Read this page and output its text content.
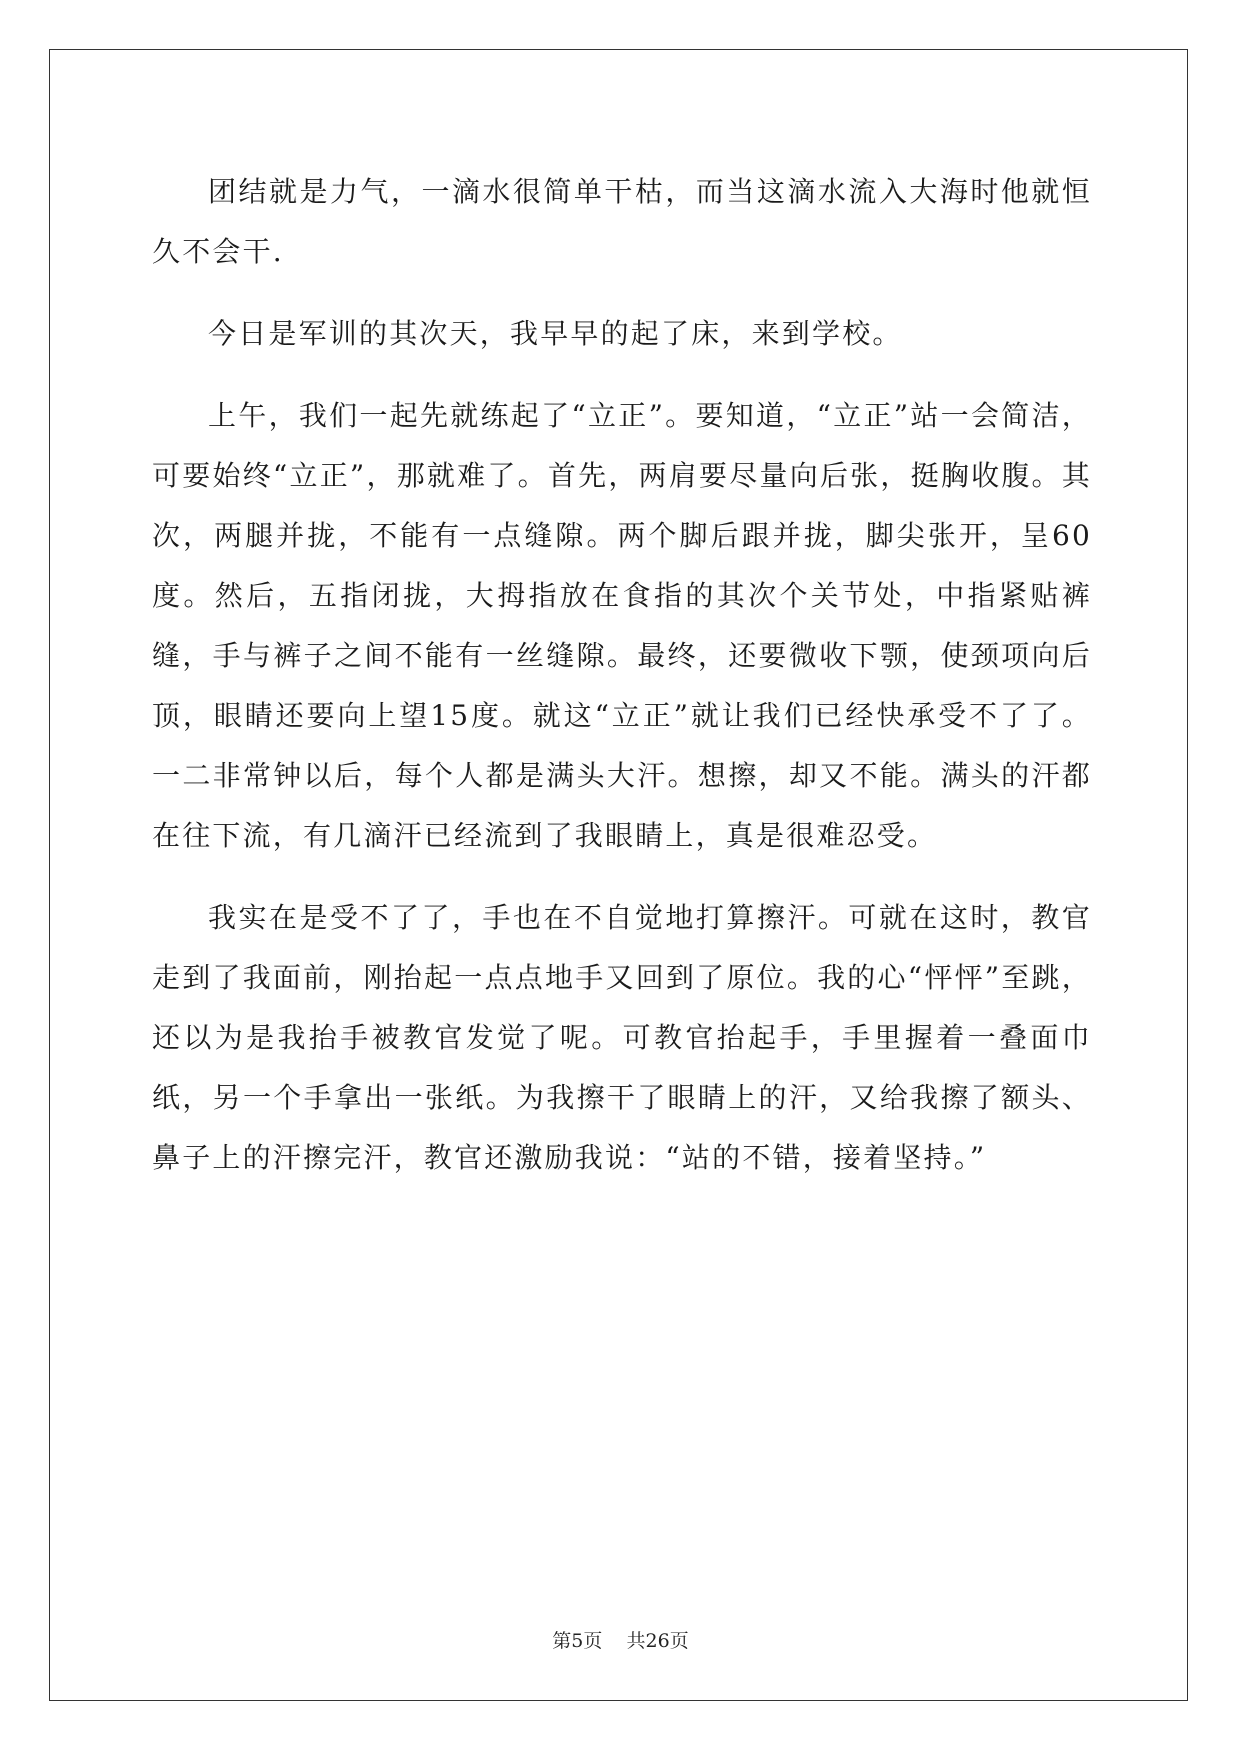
团结就是力气，一滴水很简单干枯，而当这滴水流入大海时他就恒久不会干.

今日是军训的其次天，我早早的起了床，来到学校。

上午，我们一起先就练起了“立正”。要知道，“立正”站一会简洁，可要始终“立正”，那就难了。首先，两肩要尽量向后张，挺胸收腹。其次，两腿并拢，不能有一点缝隙。两个脚后跟并拢，脚尖张开，呈60度。然后，五指闭拢，大拇指放在食指的其次个关节处，中指紧贴裤缝，手与裤子之间不能有一丝缝隙。最终，还要微收下颚，使颈项向后顶，眼睛还要向上望15度。就这“立正”就让我们已经快承受不了了。一二非常钟以后，每个人都是满头大汗。想擦，却又不能。满头的汗都在往下流，有几滴汗已经流到了我眼睛上，真是很难忍受。

我实在是受不了了，手也在不自觉地打算擦汗。可就在这时，教官走到了我面前，刚抬起一点点地手又回到了原位。我的心“怦怦”至跳，还以为是我抬手被教官发觉了呢。可教官抬起手，手里握着一叠面巾纸，另一个手拿出一张纸。为我擦干了眼睛上的汗，又给我擦了额头、鼻子上的汗擦完汗，教官还激励我说：“站的不错，接着坚持。”

第5页 共26页
